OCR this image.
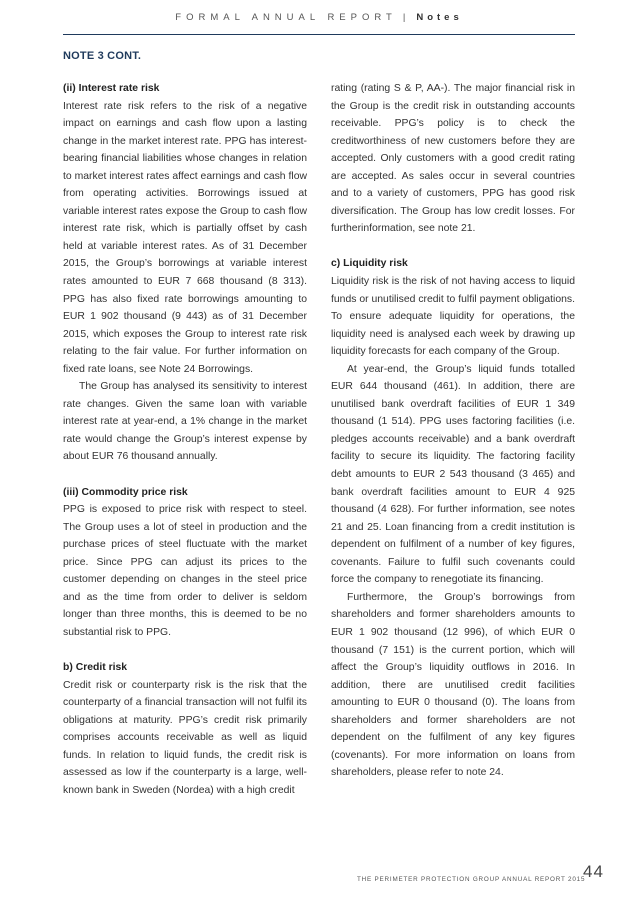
FORMAL ANNUAL REPORT | Notes
NOTE 3 CONT.

(ii) Interest rate risk

Interest rate risk refers to the risk of a negative impact on earnings and cash flow upon a lasting change in the market interest rate. PPG has interest-bearing financial liabilities whose changes in relation to market interest rates affect earnings and cash flow from operating activities. Borrowings issued at variable interest rates expose the Group to cash flow interest rate risk, which is partially offset by cash held at variable interest rates. As of 31 December 2015, the Group’s borrowings at variable interest rates amounted to EUR 7 668 thousand (8 313). PPG has also fixed rate borrowings amounting to EUR 1 902 thousand (9 443) as of 31 December 2015, which exposes the Group to interest rate risk relating to the fair value. For further information on fixed rate loans, see Note 24 Borrowings.

The Group has analysed its sensitivity to interest rate changes. Given the same loan with variable interest rate at year-end, a 1% change in the market rate would change the Group’s interest expense by about EUR 76 thousand annually.

(iii) Commodity price risk

PPG is exposed to price risk with respect to steel. The Group uses a lot of steel in production and the purchase prices of steel fluctuate with the market price. Since PPG can adjust its prices to the customer depending on changes in the steel price and as the time from order to deliver is seldom longer than three months, this is deemed to be no substantial risk to PPG.

b) Credit risk

Credit risk or counterparty risk is the risk that the counterparty of a financial transaction will not fulfil its obligations at maturity. PPG’s credit risk primarily comprises accounts receivable as well as liquid funds. In relation to liquid funds, the credit risk is assessed as low if the counterparty is a large, well-known bank in Sweden (Nordea) with a high credit

rating (rating S & P, AA-). The major financial risk in the Group is the credit risk in outstanding accounts receivable. PPG’s policy is to check the creditworthiness of new customers before they are accepted. Only customers with a good credit rating are accepted. As sales occur in several countries and to a variety of customers, PPG has good risk diversification. The Group has low credit losses. For furtherinformation, see note 21.

c) Liquidity risk

Liquidity risk is the risk of not having access to liquid funds or unutilised credit to fulfil payment obligations. To ensure adequate liquidity for operations, the liquidity need is analysed each week by drawing up liquidity forecasts for each company of the Group.

At year-end, the Group’s liquid funds totalled EUR 644 thousand (461). In addition, there are unutilised bank overdraft facilities of EUR 1 349 thousand (1 514). PPG uses factoring facilities (i.e. pledges accounts receivable) and a bank overdraft facility to secure its liquidity. The factoring facility debt amounts to EUR 2 543 thousand (3 465) and bank overdraft facilities amount to EUR 4 925 thousand (4 628). For further information, see notes 21 and 25. Loan financing from a credit institution is dependent on fulfilment of a number of key figures, covenants. Failure to fulfil such covenants could force the company to renegotiate its financing.

Furthermore, the Group’s borrowings from shareholders and former shareholders amounts to EUR 1 902 thousand (12 996), of which EUR 0 thousand (7 151) is the current portion, which will affect the Group’s liquidity outflows in 2016. In addition, there are unutilised credit facilities amounting to EUR 0 thousand (0). The loans from shareholders and former shareholders are not dependent on the fulfilment of any key figures (covenants). For more information on loans from shareholders, please refer to note 24.

THE PERIMETER PROTECTION GROUP ANNUAL REPORT 2015
44
